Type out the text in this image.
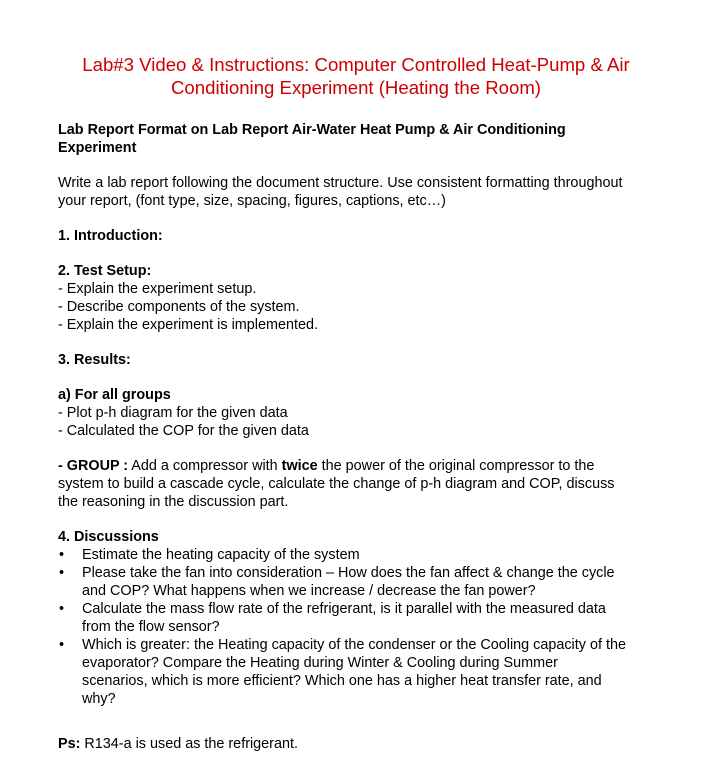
Lab#3 Video & Instructions: Computer Controlled Heat-Pump & Air
Conditioning Experiment (Heating the Room)

Lab Report Format on Lab Report Air-Water Heat Pump & Air Conditioning
Experiment

Write a lab report following the document structure. Use consistent formatting throughout
your report, (font type, size, spacing, figures, captions, etc…)

1. Introduction:

2. Test Setup:

- Explain the experiment setup.

- Describe components of the system.

- Explain the experiment is implemented.

3. Results:

a) For all groups

- Plot p-h diagram for the given data

- Calculated the COP for the given data

- GROUP : Add a compressor with twice the power of the original compressor to the
system to build a cascade cycle, calculate the change of p-h diagram and COP, discuss
the reasoning in the discussion part.

4. Discussions

• Estimate the heating capacity of the system
• Please take the fan into consideration – How does the fan affect & change the cycle
and COP? What happens when we increase / decrease the fan power?
• Calculate the mass flow rate of the refrigerant, is it parallel with the measured data
from the flow sensor?
• Which is greater: the Heating capacity of the condenser or the Cooling capacity of the
evaporator? Compare the Heating during Winter & Cooling during Summer
scenarios, which is more efficient? Which one has a higher heat transfer rate, and
why?

Ps: R134-a is used as the refrigerant.
